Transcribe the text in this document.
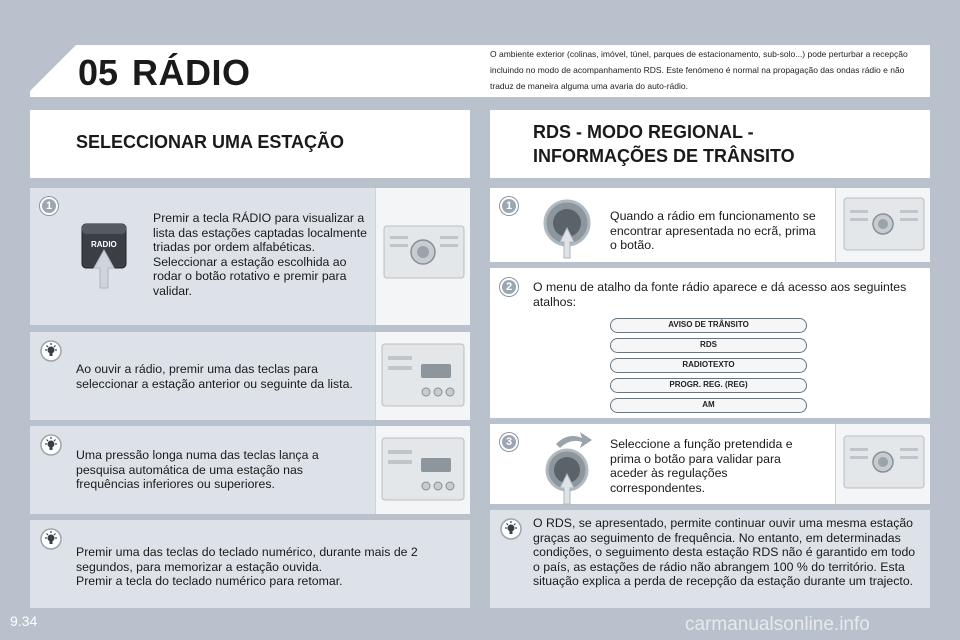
05 RÁDIO	O ambiente exterior (colinas, imóvel, túnel, parques de estacionamento, sub-solo...) pode perturbar a recepção incluindo no modo de acompanhamento RDS. Este fenómeno é normal na propagação das ondas rádio e não traduz de maneira alguma uma avaria do auto-rádio.
SELECCIONAR UMA ESTAÇÃO
1
RADIO
Premir a tecla RÁDIO para visualizar a lista das estações captadas localmente triadas por ordem alfabéticas.
Seleccionar a estação escolhida ao rodar o botão rotativo e premir para validar.
Ao ouvir a rádio, premir uma das teclas para seleccionar a estação anterior ou seguinte da lista.
Uma pressão longa numa das teclas lança a pesquisa automática de uma estação nas frequências inferiores ou superiores.
Premir uma das teclas do teclado numérico, durante mais de 2 segundos, para memorizar a estação ouvida.
Premir a tecla do teclado numérico para retomar.
RDS - MODO REGIONAL -
INFORMAÇÕES DE TRÂNSITO
1
Quando a rádio em funcionamento se encontrar apresentada no ecrã, prima o botão.
2	O menu de atalho da fonte rádio aparece e dá acesso aos seguintes atalhos:
AVISO DE TRÂNSITO
RDS
RADIOTEXTO
PROGR. REG. (REG)
AM
3	Seleccione a função pretendida e prima o botão para validar para aceder às regulações correspondentes.
O RDS, se apresentado, permite continuar ouvir uma mesma estação graças ao seguimento de frequência. No entanto, em determinadas condições, o seguimento desta estação RDS não é garantido em todo o país, as estações de rádio não abrangem 100 % do território. Esta situação explica a perda de recepção da estação durante um trajecto.
9.34	carmanualsonline.info
